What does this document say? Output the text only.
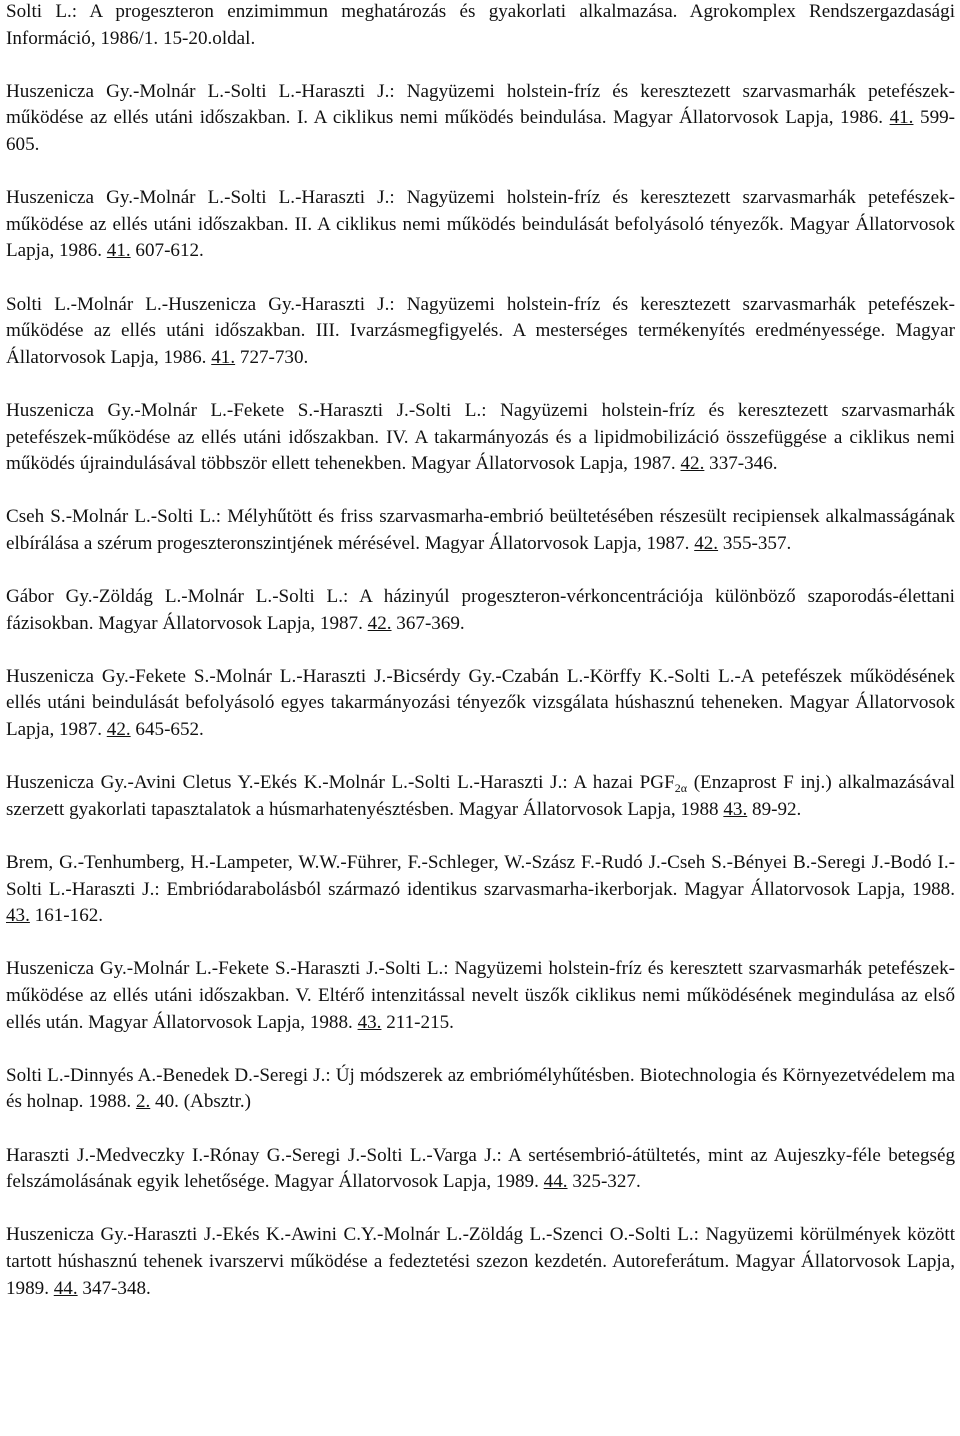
Solti L.: A progeszteron enzimimmun meghatározás és gyakorlati alkalmazása. Agrokomplex Rendszergazdasági Információ, 1986/1. 15-20.oldal.

Huszenicza Gy.-Molnár L.-Solti L.-Haraszti J.: Nagyüzemi holstein-fríz és keresztezett szarvasmarhák petefészek-működése az ellés utáni időszakban. I. A ciklikus nemi működés beindulása. Magyar Állatorvosok Lapja, 1986. 41. 599-605.

Huszenicza Gy.-Molnár L.-Solti L.-Haraszti J.: Nagyüzemi holstein-fríz és keresztezett szarvasmarhák petefészek-működése az ellés utáni időszakban. II. A ciklikus nemi működés beindulását befolyásoló tényezők. Magyar Állatorvosok Lapja, 1986. 41. 607-612.

Solti L.-Molnár L.-Huszenicza Gy.-Haraszti J.: Nagyüzemi holstein-fríz és keresztezett szarvasmarhák petefészek-működése az ellés utáni időszakban. III. Ivarzásmegfigyelés. A mesterséges termékenyítés eredményessége. Magyar Állatorvosok Lapja, 1986. 41. 727-730.

Huszenicza Gy.-Molnár L.-Fekete S.-Haraszti J.-Solti L.: Nagyüzemi holstein-fríz és keresztezett szarvasmarhák petefészek-működése az ellés utáni időszakban. IV. A takarmányozás és a lipidmobilizáció összefüggése a ciklikus nemi működés újraindulásával többször ellett tehenekben. Magyar Állatorvosok Lapja, 1987. 42. 337-346.

Cseh S.-Molnár L.-Solti L.: Mélyhűtött és friss szarvasmarha-embrió beültetésében részesült recipiensek alkalmasságának elbírálása a szérum progeszteronszintjének mérésével. Magyar Állatorvosok Lapja, 1987. 42. 355-357.

Gábor Gy.-Zöldág L.-Molnár L.-Solti L.: A házinyúl progeszteron-vérkoncentrációja különböző szaporodás-élettani fázisokban. Magyar Állatorvosok Lapja, 1987. 42. 367-369.

Huszenicza Gy.-Fekete S.-Molnár L.-Haraszti J.-Bicsérdy Gy.-Czabán L.-Körffy K.-Solti L.-A petefészek működésének ellés utáni beindulását befolyásoló egyes takarmányozási tényezők vizsgálata húshasznú teheneken. Magyar Állatorvosok Lapja, 1987. 42. 645-652.

Huszenicza Gy.-Avini Cletus Y.-Ekés K.-Molnár L.-Solti L.-Haraszti J.: A hazai $PGF_{2\alpha}$ (Enzaprost F inj.) alkalmazásával szerzett gyakorlati tapasztalatok a húsmarhatenyésztésben. Magyar Állatorvosok Lapja, 1988 43. 89-92.

Brem, G.-Tenhumberg, H.-Lampeter, W.W.-Führer, F.-Schleger, W.-Szász F.-Rudó J.-Cseh S.-Bényei B.-Seregi J.-Bodó I.-Solti L.-Haraszti J.: Embriódarabolásból származó identikus szarvasmarha-ikerborjak. Magyar Állatorvosok Lapja, 1988. 43. 161-162.

Huszenicza Gy.-Molnár L.-Fekete S.-Haraszti J.-Solti L.: Nagyüzemi holstein-fríz és keresztett szarvasmarhák petefészek-működése az ellés utáni időszakban. V. Eltérő intenzitással nevelt üszők ciklikus nemi működésének megindulása az első ellés után. Magyar Állatorvosok Lapja, 1988. 43. 211-215.

Solti L.-Dinnyés A.-Benedek D.-Seregi J.: Új módszerek az embriómélyhűtésben. Biotechnologia és Környezetvédelem ma és holnap. 1988. 2. 40. (Absztr.)

Haraszti J.-Medveczky I.-Rónay G.-Seregi J.-Solti L.-Varga J.: A sertésembrió-átültetés, mint az Aujeszky-féle betegség felszámolásának egyik lehetősége. Magyar Állatorvosok Lapja, 1989. 44. 325-327.

Huszenicza Gy.-Haraszti J.-Ekés K.-Awini C.Y.-Molnár L.-Zöldág L.-Szenci O.-Solti L.: Nagyüzemi körülmények között tartott húshasznú tehenek ivarszervi működése a fedeztetési szezon kezdetén. Autoreferátum. Magyar Állatorvosok Lapja, 1989. 44. 347-348.
